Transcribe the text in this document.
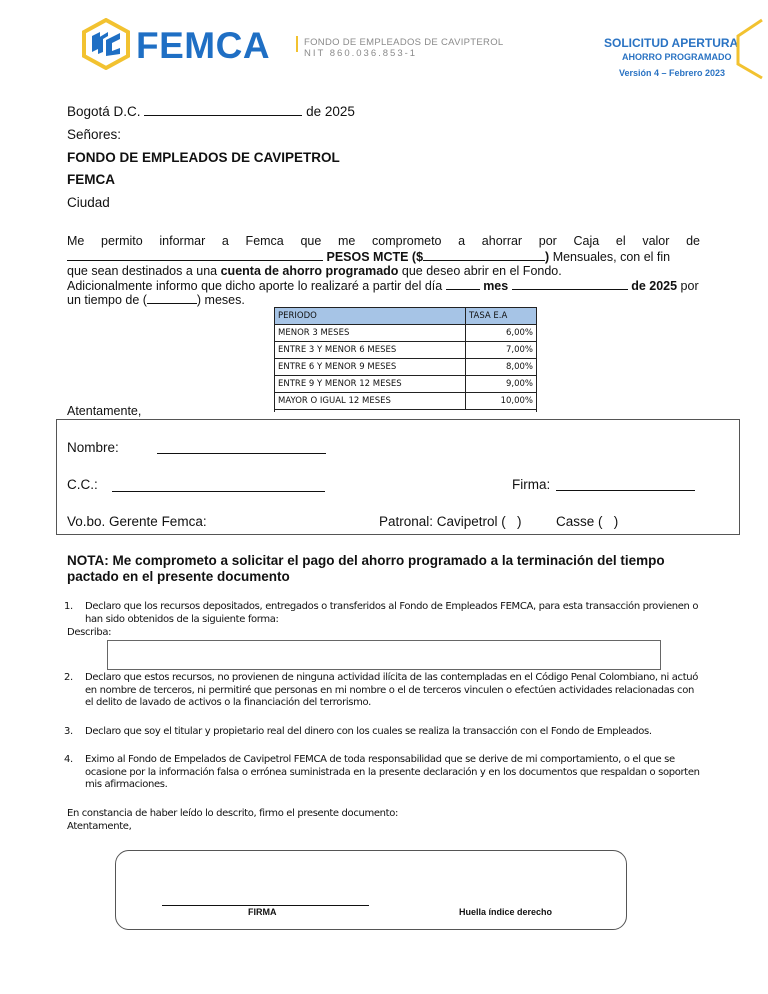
FEMCA	FONDO DE EMPLEADOS DE CAVIPTEROL
NIT 860.036.853-1
SOLICITUD APERTURA
AHORRO PROGRAMADO
Versión 4 – Febrero 2023
Bogotá D.C.	de 2025
Señores:
FONDO DE EMPLEADOS DE CAVIPETROL
FEMCA
Ciudad
Me permito informar a Femca que me comprometo a ahorrar por Caja el valor de
PESOS MCTE ($	) Mensuales, con el fin
que sean destinados a una cuenta de ahorro programado que deseo abrir en el Fondo.
Adicionalmente informo que dicho aporte lo realizaré a partir del día	mes	de 2025 por
un tiempo de (	) meses.
PERIODO	TASA E.A
MENOR 3 MESES	6,00%
ENTRE 3 Y MENOR 6 MESES	7,00%
ENTRE 6 Y MENOR 9 MESES	8,00%
ENTRE 9 Y MENOR 12 MESES	9,00%
MAYOR O IGUAL 12 MESES	10,00%
Atentamente,
Nombre:
C.C.:	Firma:
Vo.bo. Gerente Femca:	Patronal: Cavipetrol (   )	Casse (   )
NOTA: Me comprometo a solicitar el pago del ahorro programado a la terminación del tiempo pactado en el presente documento
1. Declaro que los recursos depositados, entregados o transferidos al Fondo de Empleados FEMCA, para esta transacción provienen o han sido obtenidos de la siguiente forma:
Describa:
2. Declaro que estos recursos, no provienen de ninguna actividad ilícita de las contempladas en el Código Penal Colombiano, ni actuó en nombre de terceros, ni permitiré que personas en mi nombre o el de terceros vinculen o efectúen actividades relacionadas con el delito de lavado de activos o la financiación del terrorismo.
3. Declaro que soy el titular y propietario real del dinero con los cuales se realiza la transacción con el Fondo de Empleados.
4. Eximo al Fondo de Empelados de Cavipetrol FEMCA de toda responsabilidad que se derive de mi comportamiento, o el que se ocasione por la información falsa o errónea suministrada en la presente declaración y en los documentos que respaldan o soporten mis afirmaciones.
En constancia de haber leído lo descrito, firmo el presente documento:
Atentamente,
FIRMA	Huella índice derecho
